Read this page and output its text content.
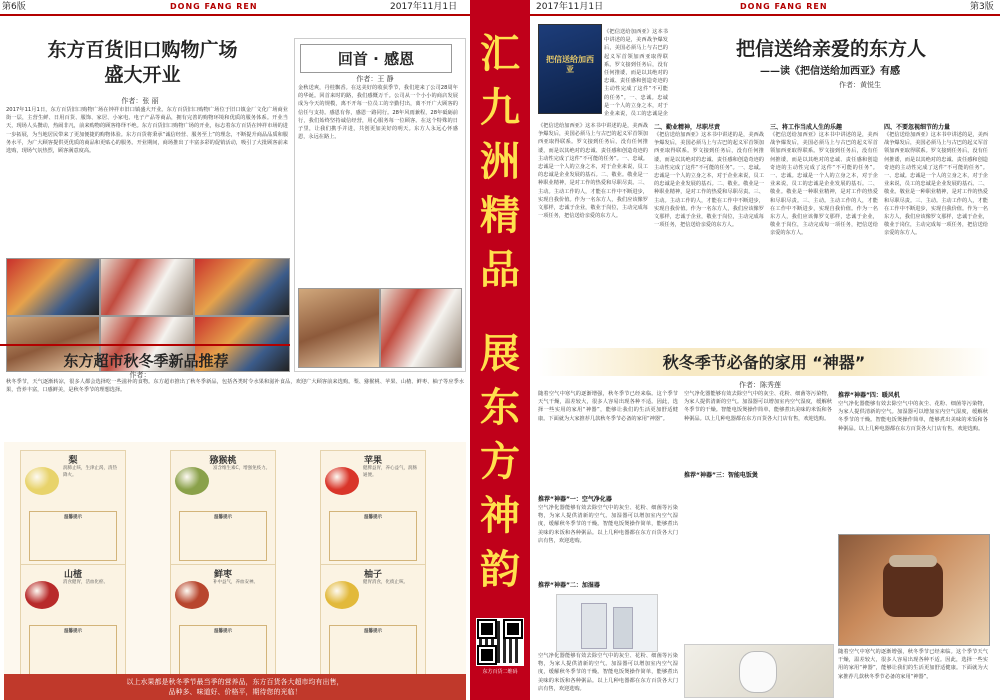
第6版	DONG FANG REN	2017年11月1日
东方百货旧口购物广场
盛大开业
作者：张 丽
2017年11月1日，东方百货旧口购物广场在钟祥市旧口镇盛大开业。东方百货旧口购物广场位于旧口镇金厂文化广场商业街一层，主营生鲜、日用百货、服饰、家居、小家电、电子产品等商品，拥有完善的购物环境和优质的服务体系。开业当天，现场人头攒动，热闹非凡，前来购物的顾客络绎不绝。东方百货旧口购物广场的开业，标志着东方百货在钟祥市场的进一步拓展，为当地居民带来了更加便捷的购物体验。东方百货将秉承“诚信经营、服务至上”的理念，不断提升商品品质和服务水平，为广大顾客提供更优质的商品和更贴心的服务。开业期间，商场推出了丰富多彩的促销活动，吸引了大批顾客前来选购，现场气氛热烈，顾客满意度高。
回首 · 感恩
作者：王 静
金秋送爽，丹桂飘香。在这美好的收获季节，我们迎来了公司28周年的华诞。回首来时的路，我们感慨万千。公司从一个小小的商店发展成为今天的规模，离不开每一位员工的辛勤付出，离不开广大顾客的信任与支持。感恩有你，感恩一路同行。28年风雨兼程，28年砥砺前行，我们始终坚持诚信经营，用心服务每一位顾客。在这个特殊的日子里，让我们携手并进，共创更加美好的明天。东方人永远心怀感恩，永远在路上。
东方超市秋冬季新品推荐
作者：
秋冬季节，天气逐渐转凉，很多人都会选择吃一些滋补的食物。东方超市推出了秋冬季新品，包括各类时令水果和滋补食品，欢迎广大顾客前来选购。梨、猕猴桃、苹果、山楂、鲜枣、柚子等应季水果，营养丰富，口感鲜美，是秋冬季节的理想选择。
梨
润肺止咳，生津止渴，清热降火。
温馨提示
猕猴桃
富含维生素C，增强免疫力。
温馨提示
苹果
健脾益胃，养心益气，润肠通便。
温馨提示
山楂
消食健胃，活血化瘀。
温馨提示
鲜枣
补中益气，养血安神。
温馨提示
柚子
健胃消食，化痰止咳。
温馨提示
以上水果都是秋冬季节最当季的营养品，东方百货各大超市均有出售，
品种多、味道好、价格平，期待您的光临！
汇
九
洲
精
品
展
东
方
神
韵
东方百货二维码
2017年11月1日	DONG FANG REN	第3版
把信送给加西亚
《把信送给加西亚》这本书中讲述的是，美西战争爆发后，美国必须马上与古巴的起义军首领加西亚取得联系。罗文接到任务后，没有任何推诿，而是以其绝对的忠诚、责任感和创造奇迹的主动性完成了这件“不可能的任务”。一、忠诚。忠诚是一个人的立身之本，对于企业来说，员工的忠诚是企
把信送给亲爱的东方人
——读《把信送给加西亚》有感
作者：黄悦生
《把信送给加西亚》这本书中讲述的是，美西战争爆发后，美国必须马上与古巴的起义军首领加西亚取得联系。罗文接到任务后，没有任何推诿，而是以其绝对的忠诚、责任感和创造奇迹的主动性完成了这件“不可能的任务”。一、忠诚。忠诚是一个人的立身之本，对于企业来说，员工的忠诚是企业发展的基石。二、敬业。敬业是一种职业精神，是对工作的热爱和尽职尽责。三、主动。主动工作的人，才能在工作中不断进步，实现自我价值。作为一名东方人，我们应该像罗文那样，忠诚于企业，敬业于岗位，主动完成每一项任务，把信送给亲爱的东方人。
二、勤业精神，尽职尽责
《把信送给加西亚》这本书中讲述的是，美西战争爆发后，美国必须马上与古巴的起义军首领加西亚取得联系。罗文接到任务后，没有任何推诿，而是以其绝对的忠诚、责任感和创造奇迹的主动性完成了这件“不可能的任务”。一、忠诚。忠诚是一个人的立身之本，对于企业来说，员工的忠诚是企业发展的基石。二、敬业。敬业是一种职业精神，是对工作的热爱和尽职尽责。三、主动。主动工作的人，才能在工作中不断进步，实现自我价值。作为一名东方人，我们应该像罗文那样，忠诚于企业，敬业于岗位，主动完成每一项任务，把信送给亲爱的东方人。
三、将工作当成人生的乐趣
《把信送给加西亚》这本书中讲述的是，美西战争爆发后，美国必须马上与古巴的起义军首领加西亚取得联系。罗文接到任务后，没有任何推诿，而是以其绝对的忠诚、责任感和创造奇迹的主动性完成了这件“不可能的任务”。一、忠诚。忠诚是一个人的立身之本，对于企业来说，员工的忠诚是企业发展的基石。二、敬业。敬业是一种职业精神，是对工作的热爱和尽职尽责。三、主动。主动工作的人，才能在工作中不断进步，实现自我价值。作为一名东方人，我们应该像罗文那样，忠诚于企业，敬业于岗位，主动完成每一项任务，把信送给亲爱的东方人。
四、不要忽视细节的力量
《把信送给加西亚》这本书中讲述的是，美西战争爆发后，美国必须马上与古巴的起义军首领加西亚取得联系。罗文接到任务后，没有任何推诿，而是以其绝对的忠诚、责任感和创造奇迹的主动性完成了这件“不可能的任务”。一、忠诚。忠诚是一个人的立身之本，对于企业来说，员工的忠诚是企业发展的基石。二、敬业。敬业是一种职业精神，是对工作的热爱和尽职尽责。三、主动。主动工作的人，才能在工作中不断进步，实现自我价值。作为一名东方人，我们应该像罗文那样，忠诚于企业，敬业于岗位，主动完成每一项任务，把信送给亲爱的东方人。
秋冬季节必备的家用 “神器”
作者：陈秀莲
随着空气中寒气的逐渐增强，秋冬季节已经来临。这个季节天气干燥，温差较大，很多人容易出现各种不适。因此，选择一些实用的家用“神器”，能够让我们的生活更加舒适健康。下面就为大家推荐几款秋冬季节必备的家用“神器”。
推荐“神器”一：空气净化器
空气净化器能够有效去除空气中的灰尘、花粉、细菌等污染物，为家人提供清新的空气。加湿器可以增加室内空气湿度，缓解秋冬季节的干燥。智能电饭煲操作简单，能够煮出美味的米饭和各种粥品。以上几种电器都在东方百货各大门店有售，欢迎选购。
推荐“神器”二：加湿器
空气净化器能够有效去除空气中的灰尘、花粉、细菌等污染物，为家人提供清新的空气。加湿器可以增加室内空气湿度，缓解秋冬季节的干燥。智能电饭煲操作简单，能够煮出美味的米饭和各种粥品。以上几种电器都在东方百货各大门店有售，欢迎选购。
空气净化器能够有效去除空气中的灰尘、花粉、细菌等污染物，为家人提供清新的空气。加湿器可以增加室内空气湿度，缓解秋冬季节的干燥。智能电饭煲操作简单，能够煮出美味的米饭和各种粥品。以上几种电器都在东方百货各大门店有售，欢迎选购。
推荐“神器”三：智能电饭煲
推荐“神器”四：暖风机
空气净化器能够有效去除空气中的灰尘、花粉、细菌等污染物，为家人提供清新的空气。加湿器可以增加室内空气湿度，缓解秋冬季节的干燥。智能电饭煲操作简单，能够煮出美味的米饭和各种粥品。以上几种电器都在东方百货各大门店有售，欢迎选购。
随着空气中寒气的逐渐增强，秋冬季节已经来临。这个季节天气干燥，温差较大，很多人容易出现各种不适。因此，选择一些实用的家用“神器”，能够让我们的生活更加舒适健康。下面就为大家推荐几款秋冬季节必备的家用“神器”。
